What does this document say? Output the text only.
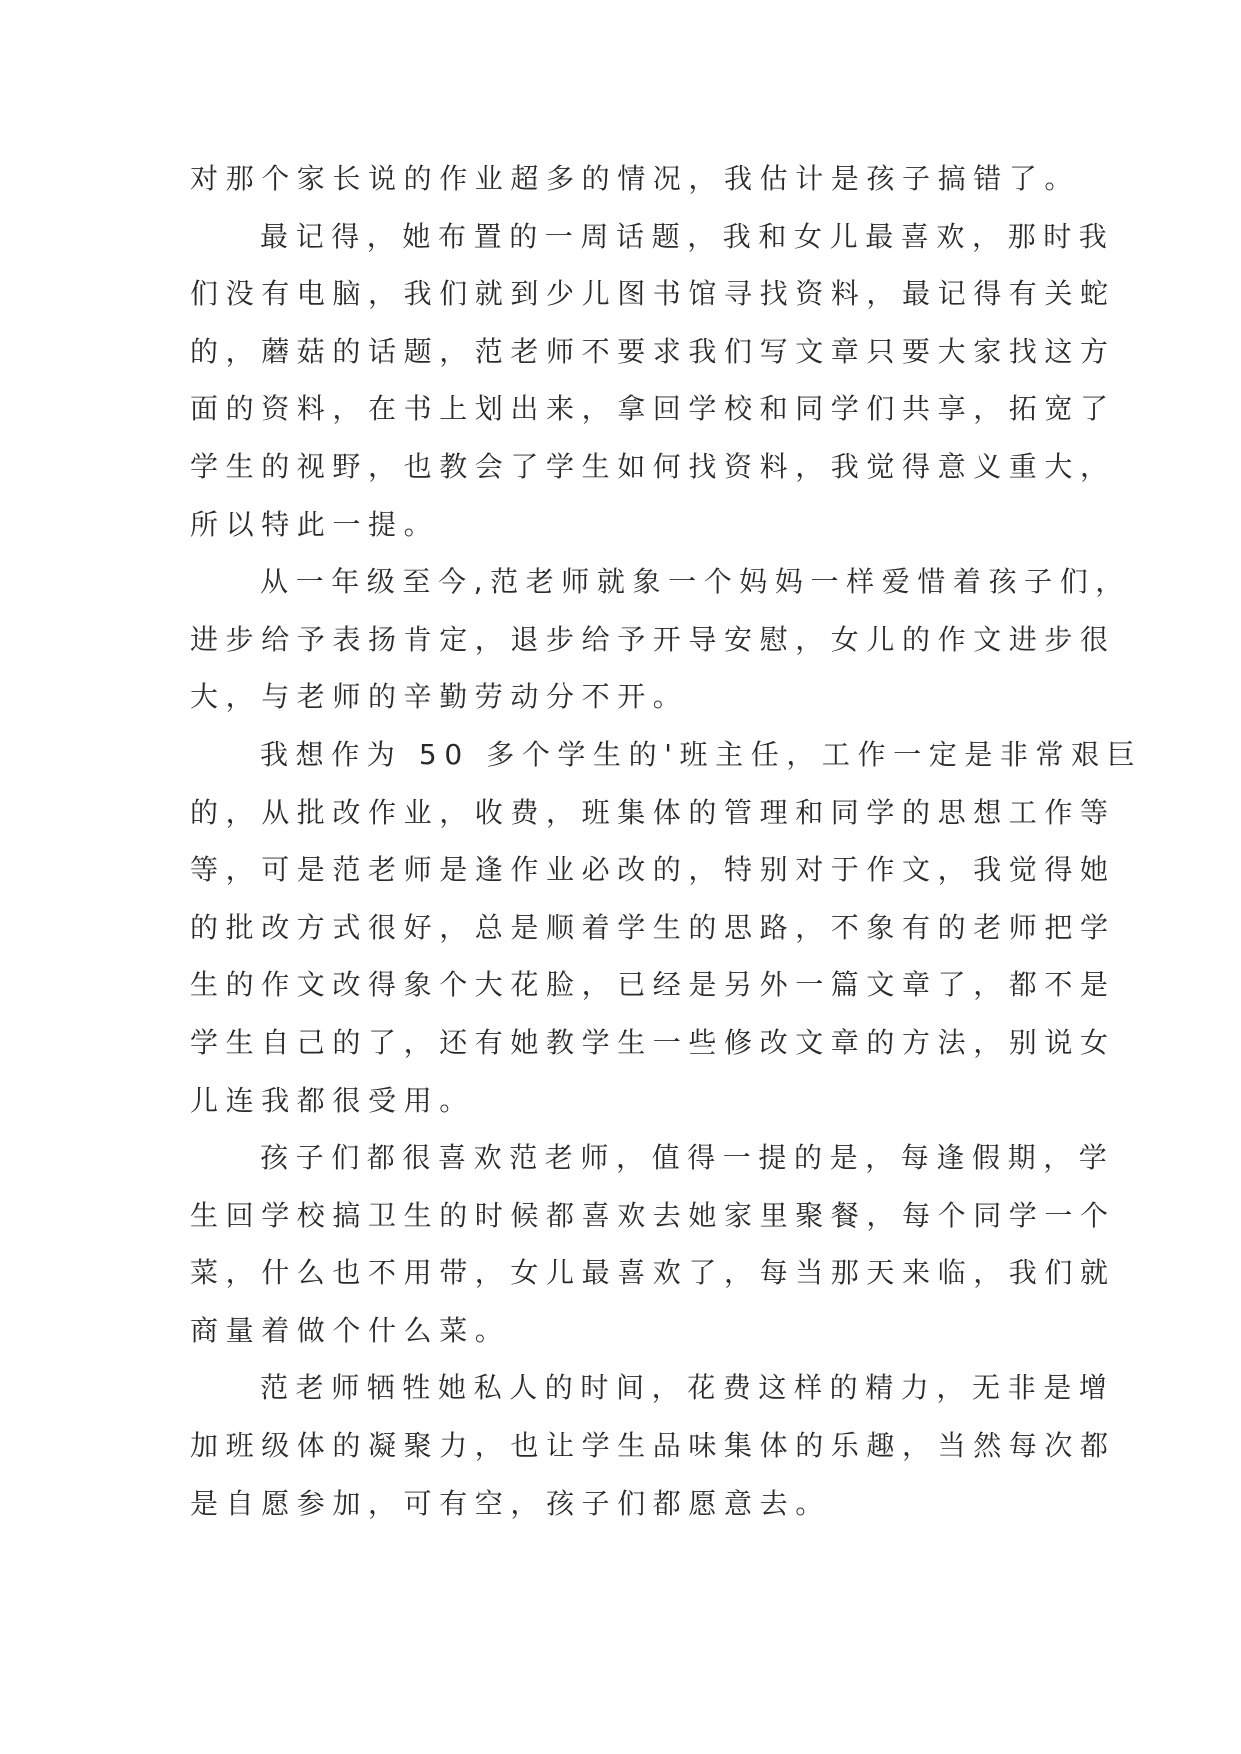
对那个家长说的作业超多的情况，我估计是孩子搞错了。
最记得，她布置的一周话题，我和女儿最喜欢，那时我
们没有电脑，我们就到少儿图书馆寻找资料，最记得有关蛇
的，蘑菇的话题，范老师不要求我们写文章只要大家找这方
面的资料，在书上划出来，拿回学校和同学们共享，拓宽了
学生的视野，也教会了学生如何找资料，我觉得意义重大，
所以特此一提。
从一年级至今,范老师就象一个妈妈一样爱惜着孩子们，
进步给予表扬肯定，退步给予开导安慰，女儿的作文进步很
大，与老师的辛勤劳动分不开。
我想作为 50 多个学生的'班主任，工作一定是非常艰巨
的，从批改作业，收费，班集体的管理和同学的思想工作等
等，可是范老师是逢作业必改的，特别对于作文，我觉得她
的批改方式很好，总是顺着学生的思路，不象有的老师把学
生的作文改得象个大花脸，已经是另外一篇文章了，都不是
学生自己的了，还有她教学生一些修改文章的方法，别说女
儿连我都很受用。
孩子们都很喜欢范老师，值得一提的是，每逢假期，学
生回学校搞卫生的时候都喜欢去她家里聚餐，每个同学一个
菜，什么也不用带，女儿最喜欢了，每当那天来临，我们就
商量着做个什么菜。
范老师牺牲她私人的时间，花费这样的精力，无非是增
加班级体的凝聚力，也让学生品味集体的乐趣，当然每次都
是自愿参加，可有空，孩子们都愿意去。
